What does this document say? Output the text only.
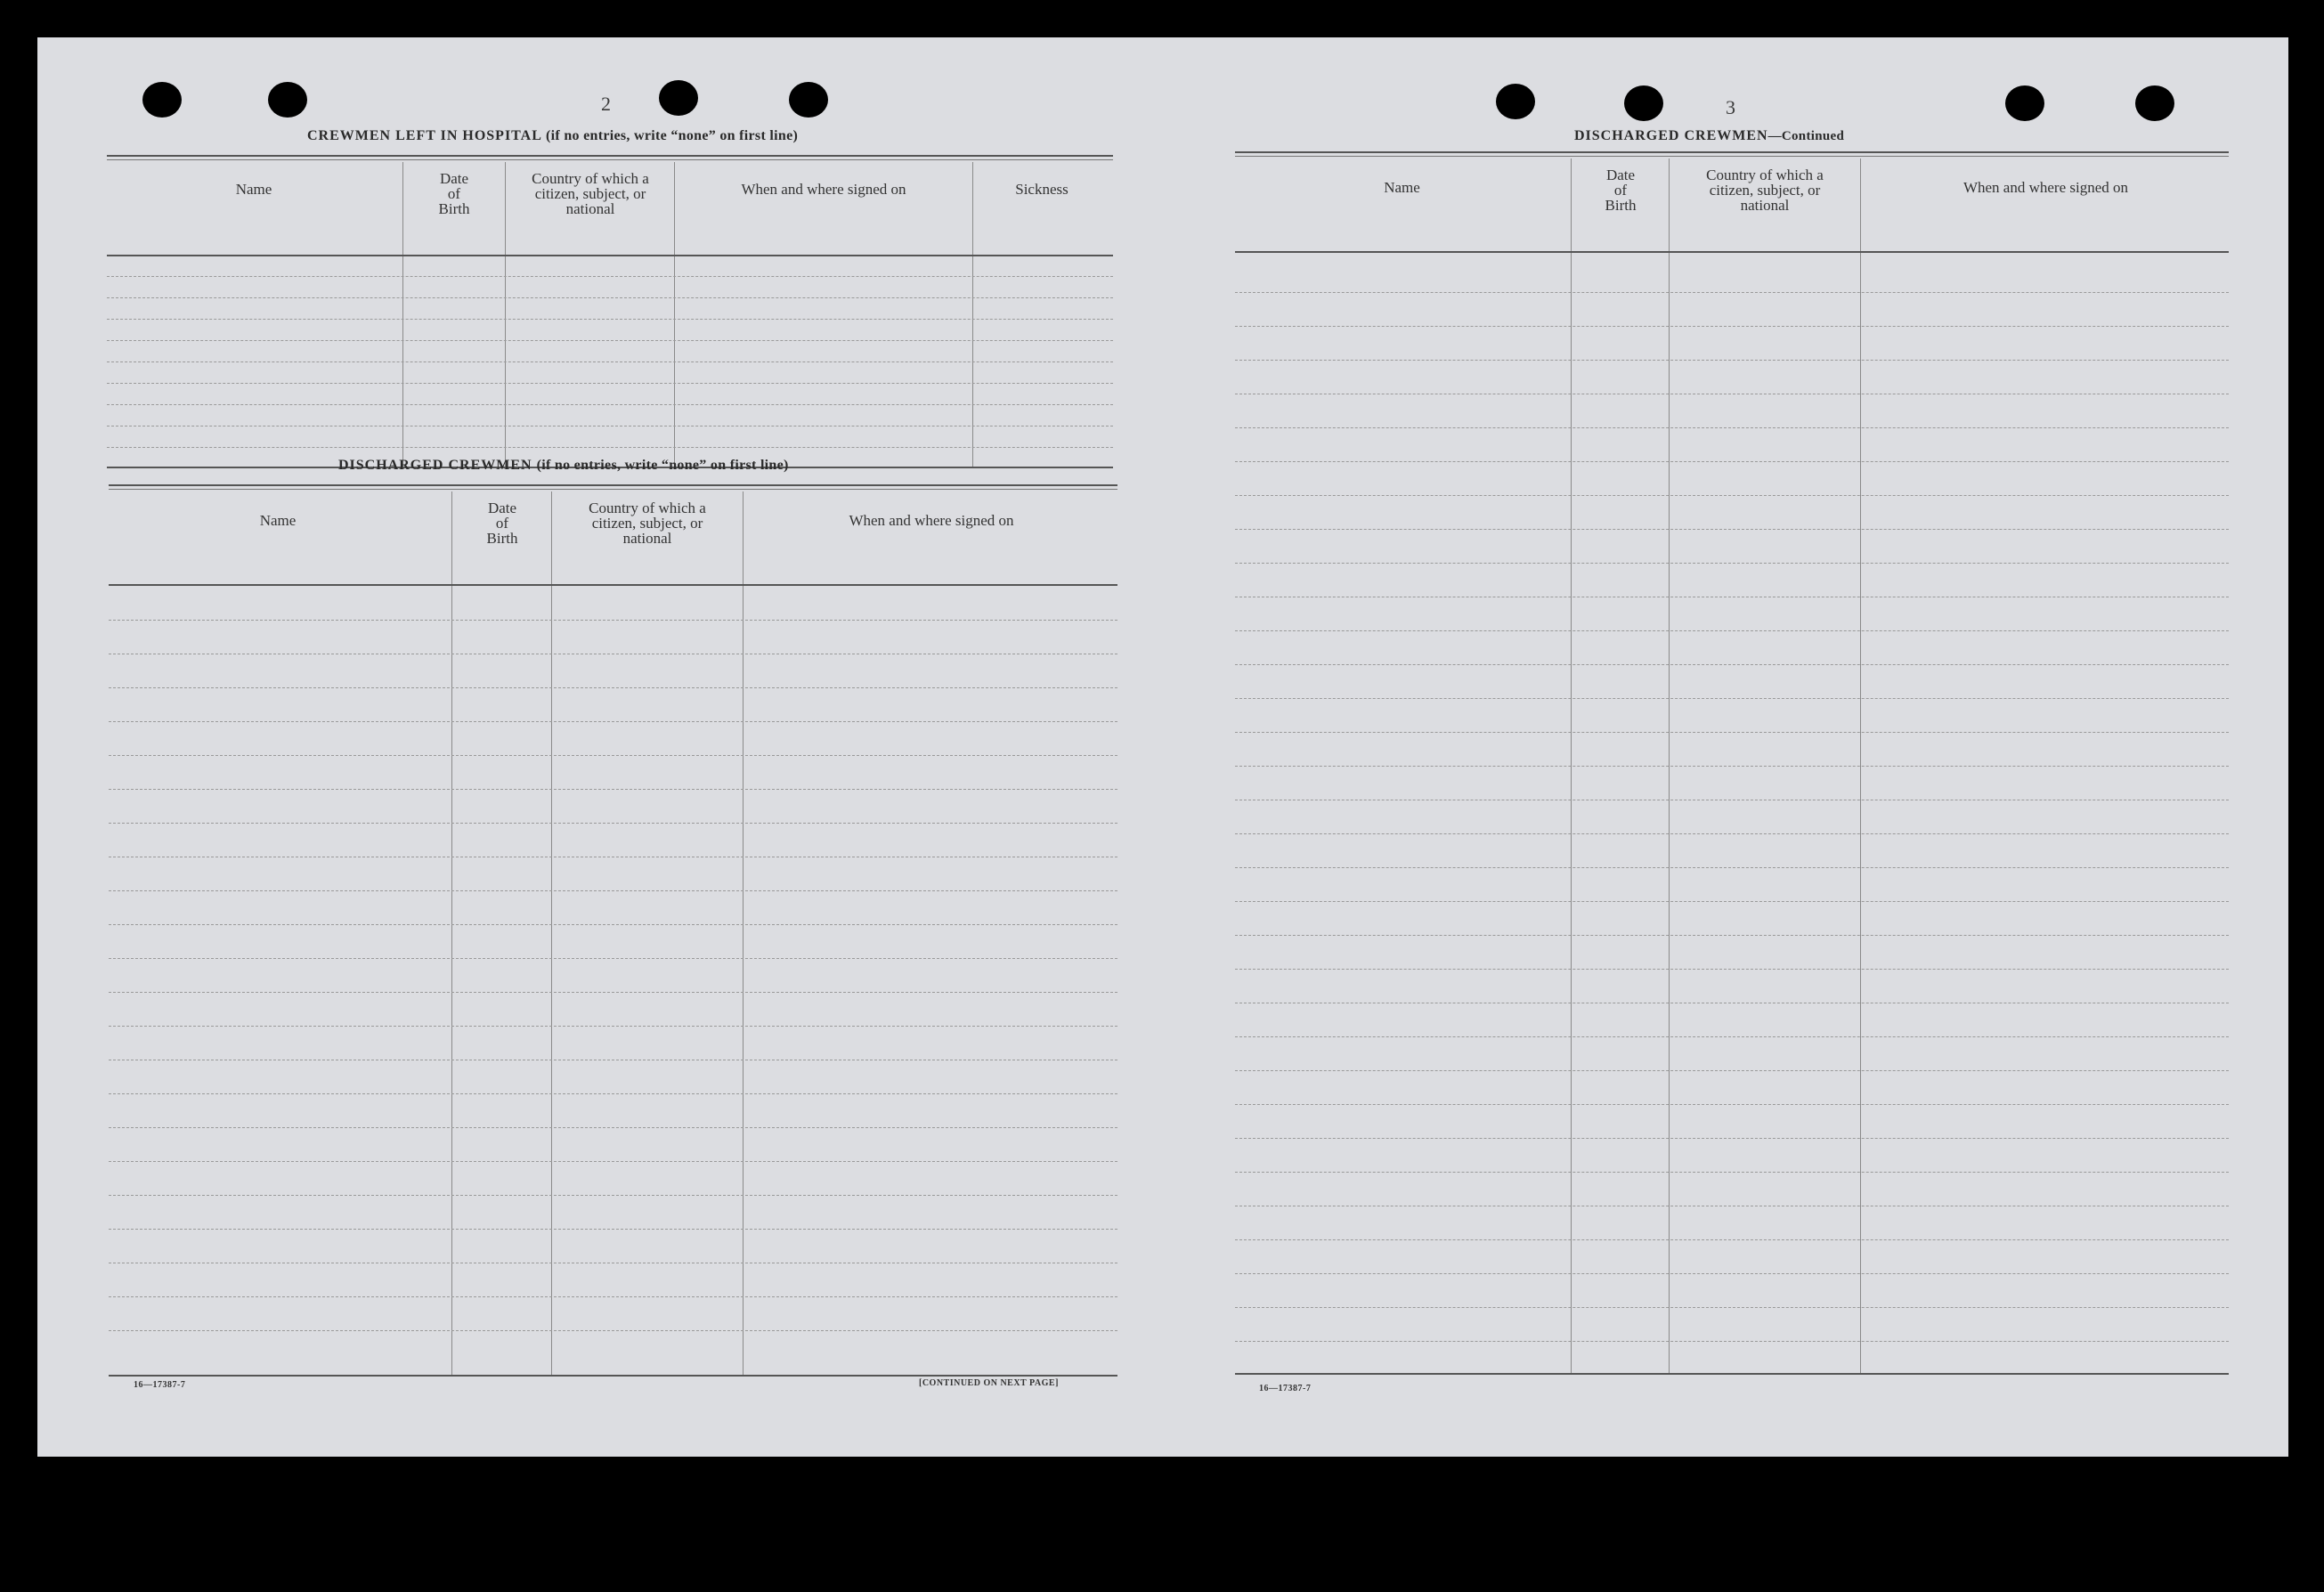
2
CREWMEN LEFT IN HOSPITAL (if no entries, write “none” on first line)
Name
Date
of
Birth
Country of which a
citizen, subject, or
national
When and where signed on	Sickness
DISCHARGED CREWMEN (if no entries, write “none” on first line)
Name
Date
of
Birth
Country of which a
citizen, subject, or
national
When and where signed on
16—17387-7	[CONTINUED ON NEXT PAGE]
3
DISCHARGED CREWMEN—Continued
Name
Date
of
Birth
Country of which a
citizen, subject, or
national
When and where signed on
16—17387-7
